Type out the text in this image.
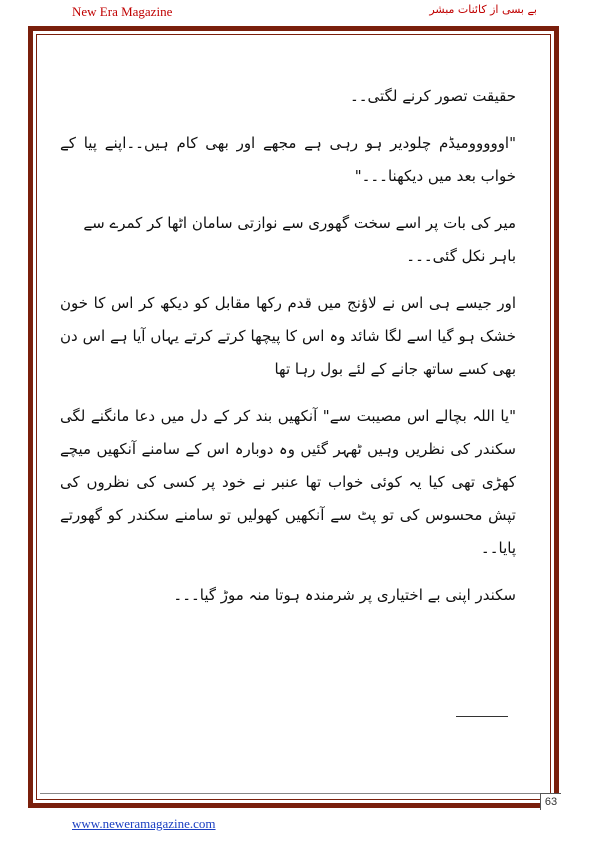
New Era Magazine	بے بسی از کائنات مبشر

حقیقت تصور کرنے لگتی۔۔

"اووووومیڈم چلودیر ہو رہی ہے مجھے اور بھی کام ہیں۔۔اپنے پیا کے خواب بعد میں دیکھنا۔۔۔"

میر کی بات پر اسے سخت گھوری سے نوازتی سامان اٹھا کر کمرے سے باہر نکل گئی۔۔۔

اور جیسے ہی اس نے لاؤنج میں قدم رکھا مقابل کو دیکھ کر اس کا خون خشک ہو گیا اسے لگا شائد وہ اس کا پیچھا کرتے کرتے یہاں آیا ہے اس دن بھی کسے ساتھ جانے کے لئے بول رہا تھا

"یا اللہ بچالے اس مصیبت سے" آنکھیں بند کر کے دل میں دعا مانگنے لگی سکندر کی نظریں وہیں ٹھہر گئیں وہ دوبارہ اس کے سامنے آنکھیں میچے کھڑی تھی کیا یہ کوئی خواب تھا عنبر نے خود پر کسی کی نظروں کی تپش محسوس کی تو پٹ سے آنکھیں کھولیں تو سامنے سکندر کو گھورتے پایا۔۔

سکندر اپنی بے اختیاری پر شرمندہ ہوتا منہ موڑ گیا۔۔۔

63
www.neweramagazine.com
